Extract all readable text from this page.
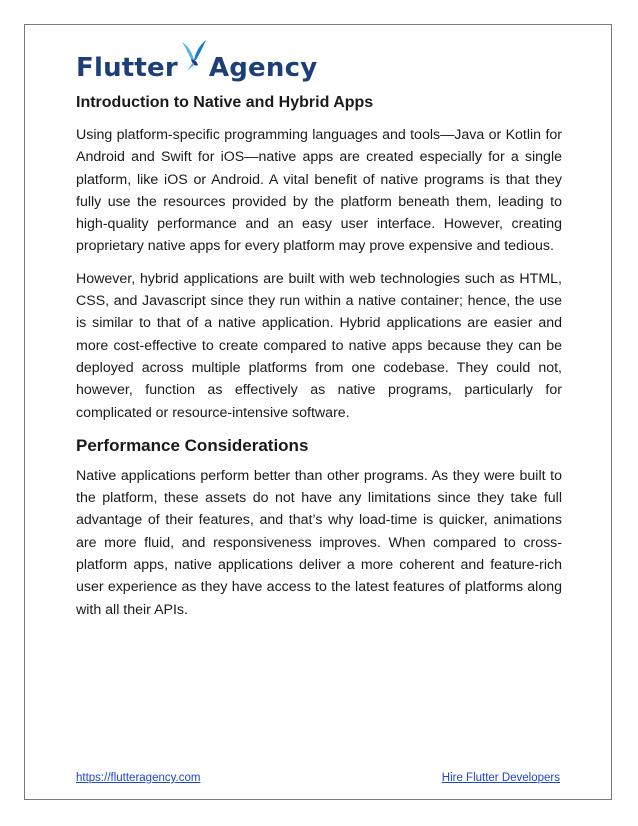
Flutter Agency
Introduction to Native and Hybrid Apps

Using platform-specific programming languages and tools—Java or Kotlin for Android and Swift for iOS—native apps are created especially for a single platform, like iOS or Android. A vital benefit of native programs is that they fully use the resources provided by the platform beneath them, leading to high-quality performance and an easy user interface. However, creating proprietary native apps for every platform may prove expensive and tedious.

However, hybrid applications are built with web technologies such as HTML, CSS, and Javascript since they run within a native container; hence, the use is similar to that of a native application. Hybrid applications are easier and more cost-effective to create compared to native apps because they can be deployed across multiple platforms from one codebase. They could not, however, function as effectively as native programs, particularly for complicated or resource-intensive software.

Performance Considerations

Native applications perform better than other programs. As they were built to the platform, these assets do not have any limitations since they take full advantage of their features, and that’s why load-time is quicker, animations are more fluid, and responsiveness improves. When compared to cross-platform apps, native applications deliver a more coherent and feature-rich user experience as they have access to the latest features of platforms along with all their APIs.

https://flutteragency.com	Hire Flutter Developers
